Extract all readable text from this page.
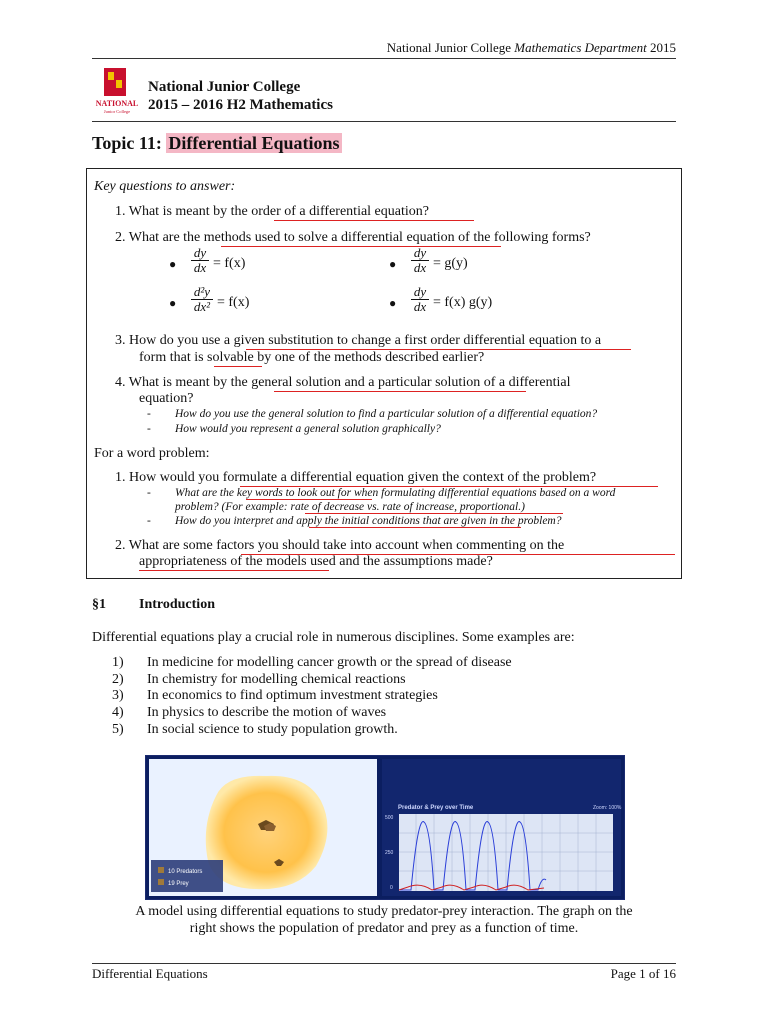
National Junior College Mathematics Department 2015
NATIONAL
Junior College
National Junior College
2015 – 2016 H2 Mathematics
Topic 11: Differential Equations
Key questions to answer:
1. What is meant by the order of a differential equation?
2. What are the methods used to solve a differential equation of the following forms?
● $\frac{dy}{dx} = f(x)$	● $\frac{dy}{dx} = g(y)$
● $\frac{\text{d²y}}{\text{dx²}} = f(x)$	● $\frac{dy}{dx} = f(x)$ g(y)
3. How do you use a given substitution to change a first order differential equation to a
form that is solvable by one of the methods described earlier?
4. What is meant by the general solution and a particular solution of a differential
equation?
- How do you use the general solution to find a particular solution of a differential equation?
- How would you represent a general solution graphically?
For a word problem:
1. How would you formulate a differential equation given the context of the problem?
- What are the key words to look out for when formulating differential equations based on a word
problem? (For example: rate of decrease vs. rate of increase, proportional.)
- How do you interpret and apply the initial conditions that are given in the problem?
2. What are some factors you should take into account when commenting on the
appropriateness of the models used and the assumptions made?
§1 Introduction
Differential equations play a crucial role in numerous disciplines. Some examples are:
1) In medicine for modelling cancer growth or the spread of disease
2) In chemistry for modelling chemical reactions
3) In economics to find optimum investment strategies
4) In physics to describe the motion of waves
5) In social science to study population growth.
10 Predators
19 Prey
Predator & Prey over Time	Zoom: 100%
500
250
0
A model using differential equations to study predator-prey interaction. The graph on the
right shows the population of predator and prey as a function of time.
Differential Equations	Page 1 of 16
